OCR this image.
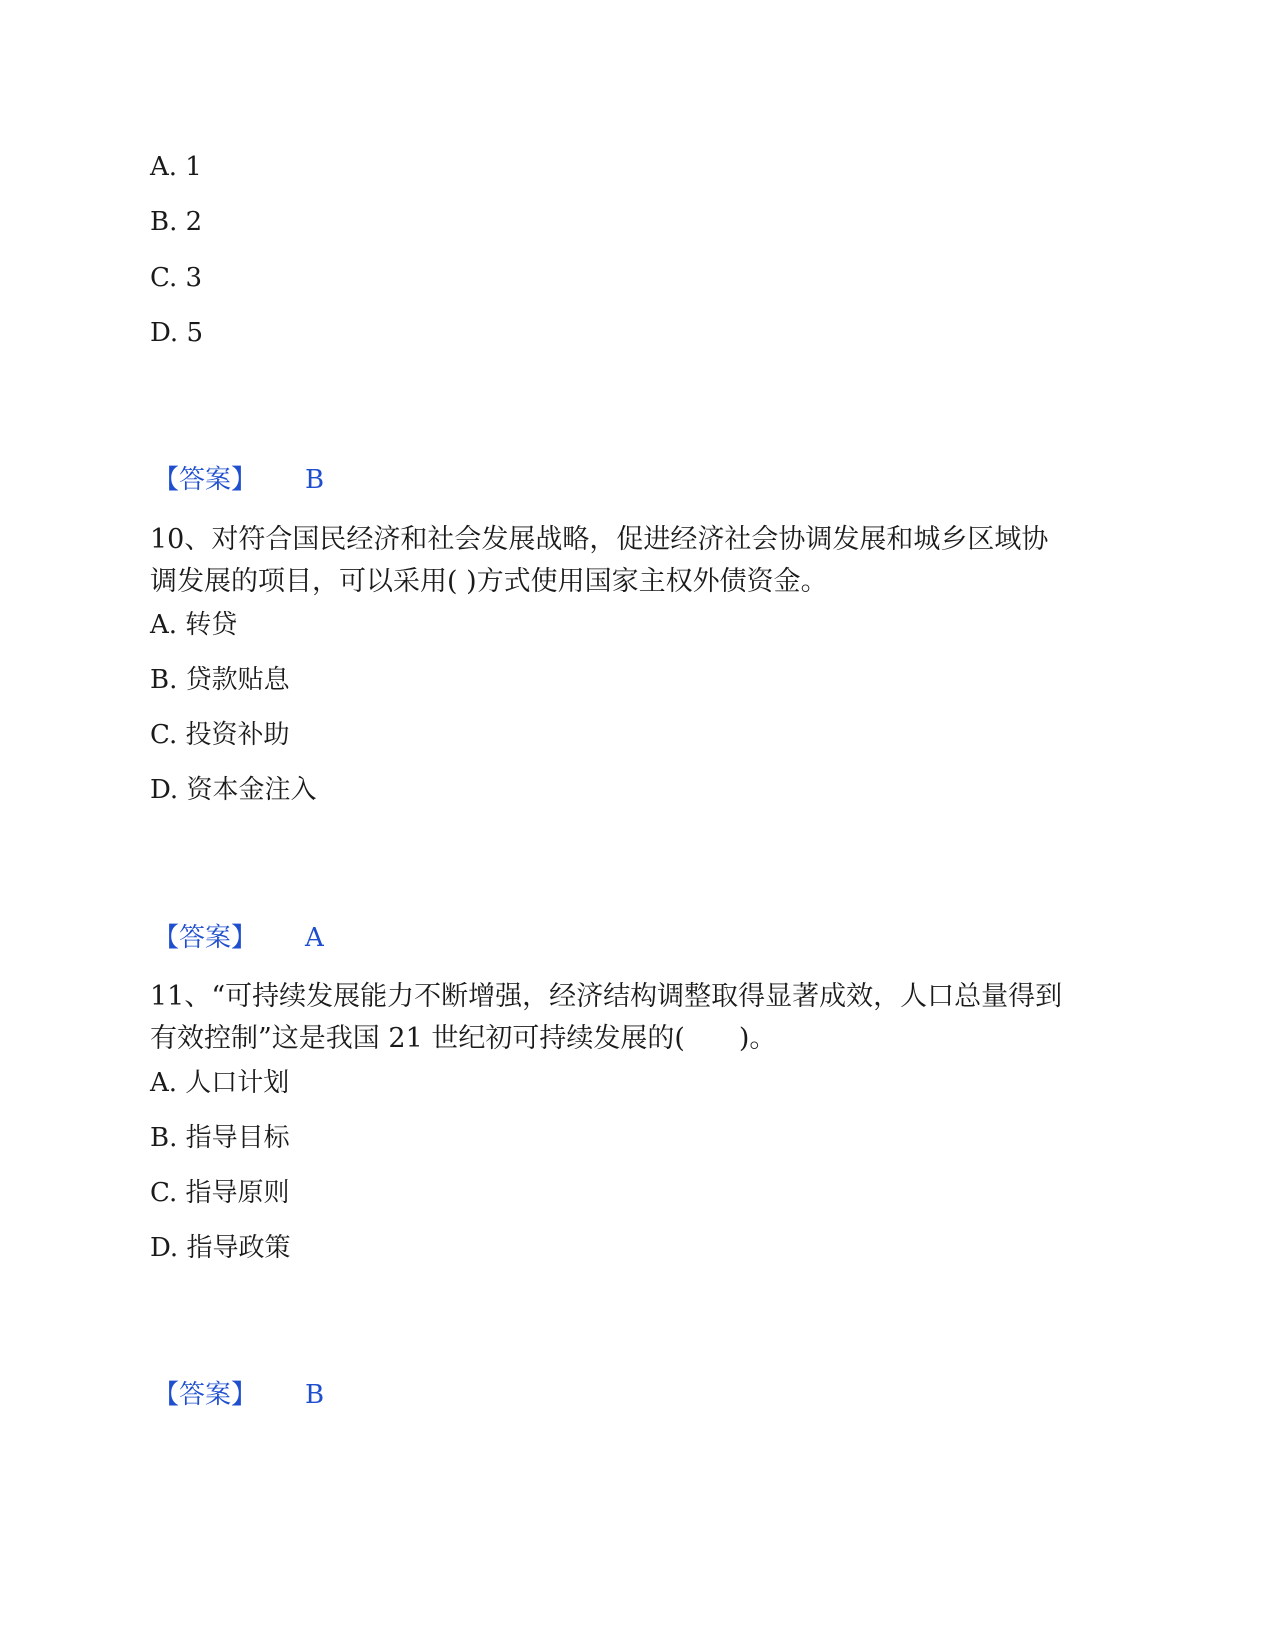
A. 1
B. 2
C. 3
D. 5
【答案】 B
10、对符合国民经济和社会发展战略，促进经济社会协调发展和城乡区域协
调发展的项目，可以采用( )方式使用国家主权外债资金。
A. 转贷
B. 贷款贴息
C. 投资补助
D. 资本金注入
【答案】 A
11、“可持续发展能力不断增强，经济结构调整取得显著成效，人口总量得到
有效控制”这是我国 21 世纪初可持续发展的(　　)。
A. 人口计划
B. 指导目标
C. 指导原则
D. 指导政策
【答案】 B
